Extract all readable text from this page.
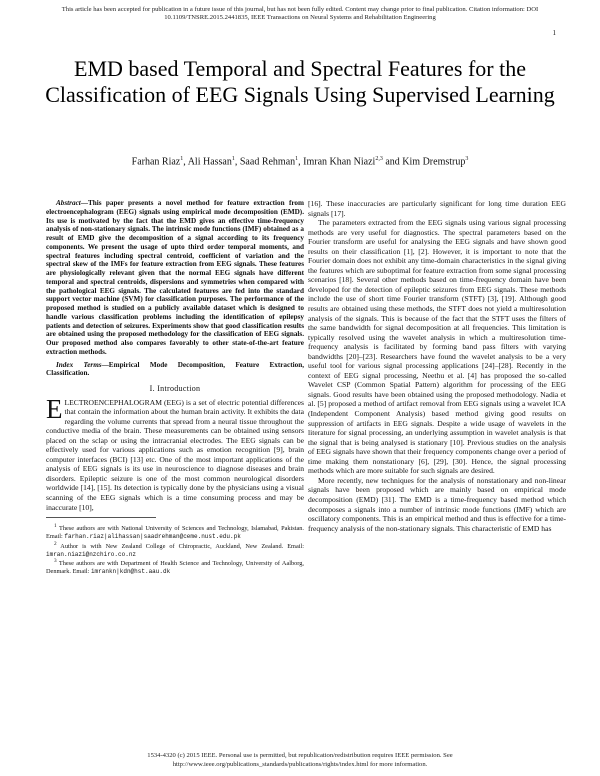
This article has been accepted for publication in a future issue of this journal, but has not been fully edited. Content may change prior to final publication. Citation information: DOI
10.1109/TNSRE.2015.2441835, IEEE Transactions on Neural Systems and Rehabilitation Engineering
1
EMD based Temporal and Spectral Features for the Classification of EEG Signals Using Supervised Learning
Farhan Riaz$^1$, Ali Hassan$^1$, Saad Rehman$^1$, Imran Khan Niazi$^{2,3}$ and Kim Dremstrup$^3$

Abstract—This paper presents a novel method for feature extraction from electroencephalogram (EEG) signals using empirical mode decomposition (EMD). Its use is motivated by the fact that the EMD gives an effective time-frequency analysis of non-stationary signals. The intrinsic mode functions (IMF) obtained as a result of EMD give the decomposition of a signal according to its frequency components. We present the usage of upto third order temporal moments, and spectral features including spectral centroid, coefficient of variation and the spectral skew of the IMFs for feature extraction from EEG signals. These features are physiologically relevant given that the normal EEG signals have different temporal and spectral centroids, dispersions and symmetries when compared with the pathological EEG signals. The calculated features are fed into the standard support vector machine (SVM) for classification purposes. The performance of the proposed method is studied on a publicly available dataset which is designed to handle various classification problems including the identification of epilepsy patients and detection of seizures. Experiments show that good classification results are obtained using the proposed methodology for the classification of EEG signals. Our proposed method also compares favorably to other state-of-the-art feature extraction methods.

Index Terms—Empirical Mode Decomposition, Feature Extraction, Classification.

I. Introduction

ELECTROENCEPHALOGRAM (EEG) is a set of electric potential differences that contain the information about the human brain activity. It exhibits the data regarding the volume currents that spread from a neural tissue throughout the conductive media of the brain. These measurements can be obtained using sensors placed on the sclap or using the intracranial electrodes. The EEG signals can be effectively used for various applications such as emotion recognition [9], brain computer interfaces (BCI) [13] etc. One of the most important applications of the analysis of EEG signals is its use in neuroscience to diagnose diseases and brain disorders. Epileptic seizure is one of the most common neurological disorders worldwide [14], [15]. Its detection is typically done by the physicians using a visual scanning of the EEG signals which is a time consuming process and may be inaccurate [10],

$^1$ These authors are with National University of Sciences and Technology, Islamabad, Pakistan. Email: farhan.riaz|alihassan|saadrehman@ceme.nust.edu.pk

$^2$ Author is with New Zealand College of Chiropractic, Auckland, New Zealand. Email: imran.niazi@nzchiro.co.nz

$^3$ These authors are with Department of Health Science and Technology, University of Aalborg, Denmark. Email: imrankn|kdn@hst.aau.dk

[16]. These inaccuracies are particularly significant for long time duration EEG signals [17].

The parameters extracted from the EEG signals using various signal processing methods are very useful for diagnostics. The spectral parameters based on the Fourier transform are useful for analysing the EEG signals and have shown good results on their classification [1], [2]. However, it is important to note that the Fourier domain does not exhibit any time-domain characteristics in the signal giving the features which are suboptimal for feature extraction from some signal processing scenarios [18]. Several other methods based on time-frequency domain have been developed for the detection of epileptic seizures from EEG signals. These methods include the use of short time Fourier transform (STFT) [3], [19]. Although good results are obtained using these methods, the STFT does not yield a multiresolution analysis of the signals. This is because of the fact that the STFT uses the filters of the same bandwidth for signal decomposition at all frequencies. This limitation is typically resolved using the wavelet analysis in which a multiresolution time-frequency analysis is facilitated by forming band pass filters with varying bandwidths [20]–[23]. Researchers have found the wavelet analysis to be a very useful tool for various signal processing applications [24]–[28]. Recently in the context of EEG signal processing, Neethu et al. [4] has proposed the so-called Wavelet CSP (Common Spatial Pattern) algorithm for processing of the EEG signals. Good results have been obtained using the proposed methodology. Nadia et al. [5] proposed a method of artifact removal from EEG signals using a wavelet ICA (Independent Component Analysis) based method giving good results on suppression of artifacts in EEG signals. Despite a wide usage of wavelets in the literature for signal processing, an underlying assumption in wavelet analysis is that the signal that is being analysed is stationary [10]. Previous studies on the analysis of EEG signals have shown that their frequency components change over a period of time making them nonstationary [6], [29], [30]. Hence, the signal processing methods which are more suitable for such signals are desired.

More recently, new techniques for the analysis of nonstationary and non-linear signals have been proposed which are mainly based on empirical mode decomposition (EMD) [31]. The EMD is a time-frequency based method which decomposes a signals into a number of intrinsic mode functions (IMF) which are oscillatory components. This is an empirical method and thus is effective for a time-frequency analysis of the non-stationary signals. This characteristic of EMD has

1534-4320 (c) 2015 IEEE. Personal use is permitted, but republication/redistribution requires IEEE permission. See
http://www.ieee.org/publications_standards/publications/rights/index.html for more information.
